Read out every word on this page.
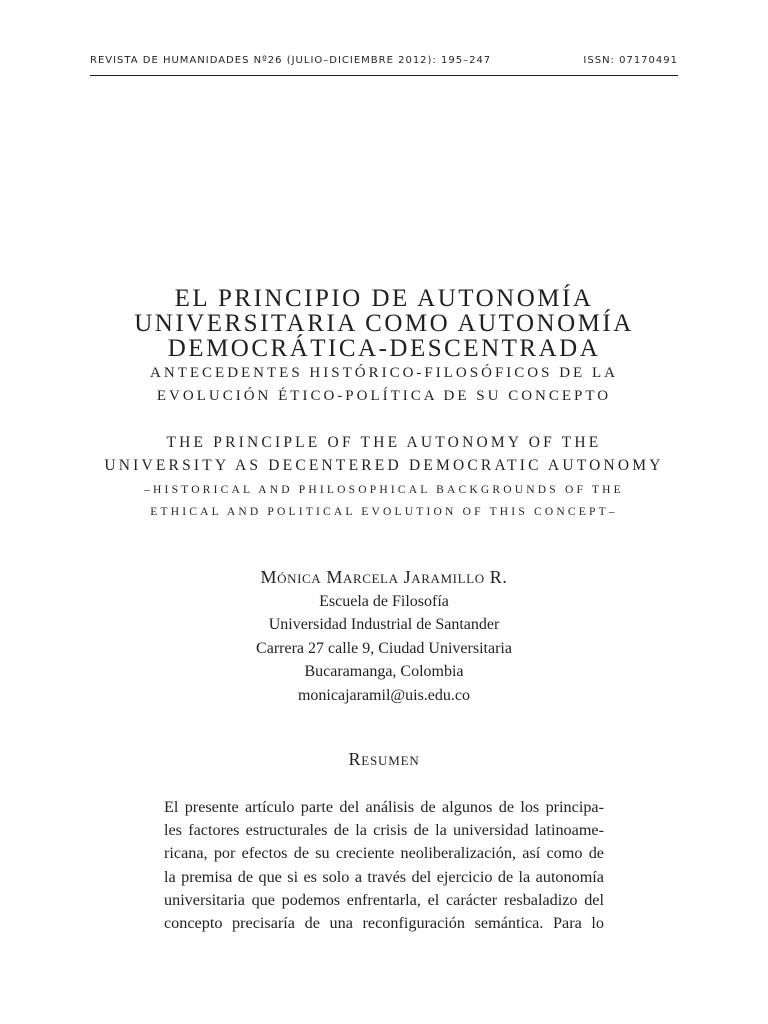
REVISTA DE HUMANIDADES Nº26 (JULIO–DICIEMBRE 2012): 195–247	ISSN: 07170491
EL PRINCIPIO DE AUTONOMÍA
UNIVERSITARIA COMO AUTONOMÍA
DEMOCRÁTICA-DESCENTRADA
ANTECEDENTES HISTÓRICO-FILOSÓFICOS DE LA
EVOLUCIÓN ÉTICO-POLÍTICA DE SU CONCEPTO
THE PRINCIPLE OF THE AUTONOMY OF THE
UNIVERSITY AS DECENTERED DEMOCRATIC AUTONOMY
–HISTORICAL AND PHILOSOPHICAL BACKGROUNDS OF THE
ETHICAL AND POLITICAL EVOLUTION OF THIS CONCEPT–
Mónica Marcela Jaramillo R.
Escuela de Filosofía
Universidad Industrial de Santander
Carrera 27 calle 9, Ciudad Universitaria
Bucaramanga, Colombia
monicajaramil@uis.edu.co
Resumen
El presente artículo parte del análisis de algunos de los principa-
les factores estructurales de la crisis de la universidad latinoame-
ricana, por efectos de su creciente neoliberalización, así como de
la premisa de que si es solo a través del ejercicio de la autonomía
universitaria que podemos enfrentarla, el carácter resbaladizo del
concepto precisaría de una reconfiguración semántica. Para lo
